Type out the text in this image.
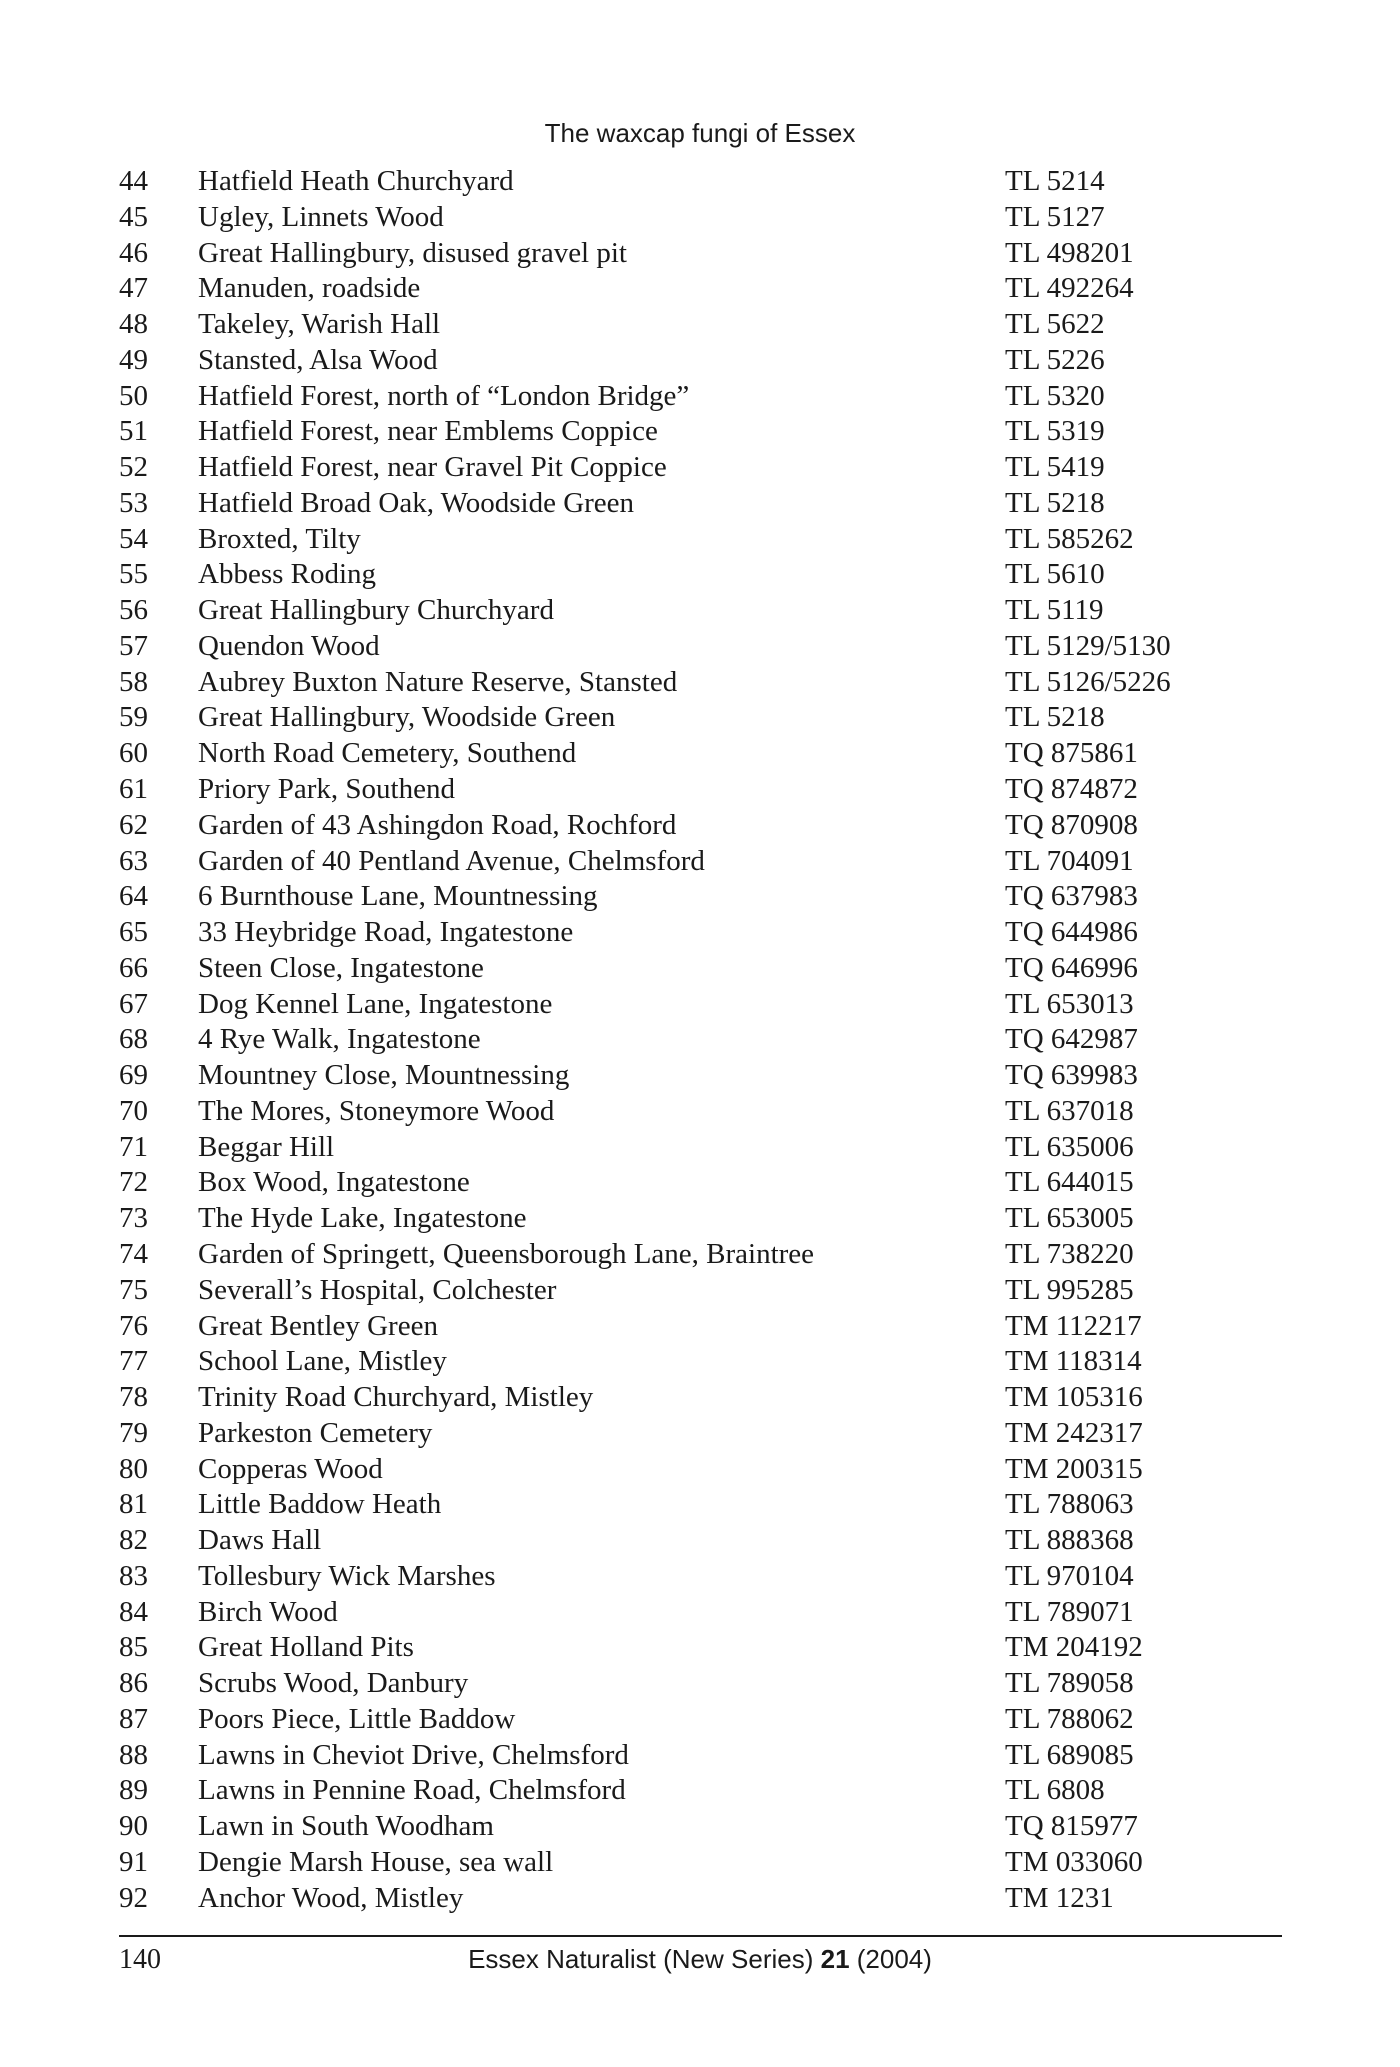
The waxcap fungi of Essex
44 Hatfield Heath Churchyard	TL 5214
45 Ugley, Linnets Wood	TL 5127
46 Great Hallingbury, disused gravel pit	TL 498201
47 Manuden, roadside	TL 492264
48 Takeley, Warish Hall	TL 5622
49 Stansted, Alsa Wood	TL 5226
50 Hatfield Forest, north of “London Bridge”	TL 5320
51 Hatfield Forest, near Emblems Coppice	TL 5319
52 Hatfield Forest, near Gravel Pit Coppice	TL 5419
53 Hatfield Broad Oak, Woodside Green	TL 5218
54 Broxted, Tilty	TL 585262
55 Abbess Roding	TL 5610
56 Great Hallingbury Churchyard	TL 5119
57 Quendon Wood	TL 5129/5130
58 Aubrey Buxton Nature Reserve, Stansted	TL 5126/5226
59 Great Hallingbury, Woodside Green	TL 5218
60 North Road Cemetery, Southend	TQ 875861
61 Priory Park, Southend	TQ 874872
62 Garden of 43 Ashingdon Road, Rochford	TQ 870908
63 Garden of 40 Pentland Avenue, Chelmsford	TL 704091
64 6 Burnthouse Lane, Mountnessing	TQ 637983
65 33 Heybridge Road, Ingatestone	TQ 644986
66 Steen Close, Ingatestone	TQ 646996
67 Dog Kennel Lane, Ingatestone	TL 653013
68 4 Rye Walk, Ingatestone	TQ 642987
69 Mountney Close, Mountnessing	TQ 639983
70 The Mores, Stoneymore Wood	TL 637018
71 Beggar Hill	TL 635006
72 Box Wood, Ingatestone	TL 644015
73 The Hyde Lake, Ingatestone	TL 653005
74 Garden of Springett, Queensborough Lane, Braintree	TL 738220
75 Severall’s Hospital, Colchester	TL 995285
76 Great Bentley Green	TM 112217
77 School Lane, Mistley	TM 118314
78 Trinity Road Churchyard, Mistley	TM 105316
79 Parkeston Cemetery	TM 242317
80 Copperas Wood	TM 200315
81 Little Baddow Heath	TL 788063
82 Daws Hall	TL 888368
83 Tollesbury Wick Marshes	TL 970104
84 Birch Wood	TL 789071
85 Great Holland Pits	TM 204192
86 Scrubs Wood, Danbury	TL 789058
87 Poors Piece, Little Baddow	TL 788062
88 Lawns in Cheviot Drive, Chelmsford	TL 689085
89 Lawns in Pennine Road, Chelmsford	TL 6808
90 Lawn in South Woodham	TQ 815977
91 Dengie Marsh House, sea wall	TM 033060
92 Anchor Wood, Mistley	TM 1231
140	Essex Naturalist (New Series) 21 (2004)
